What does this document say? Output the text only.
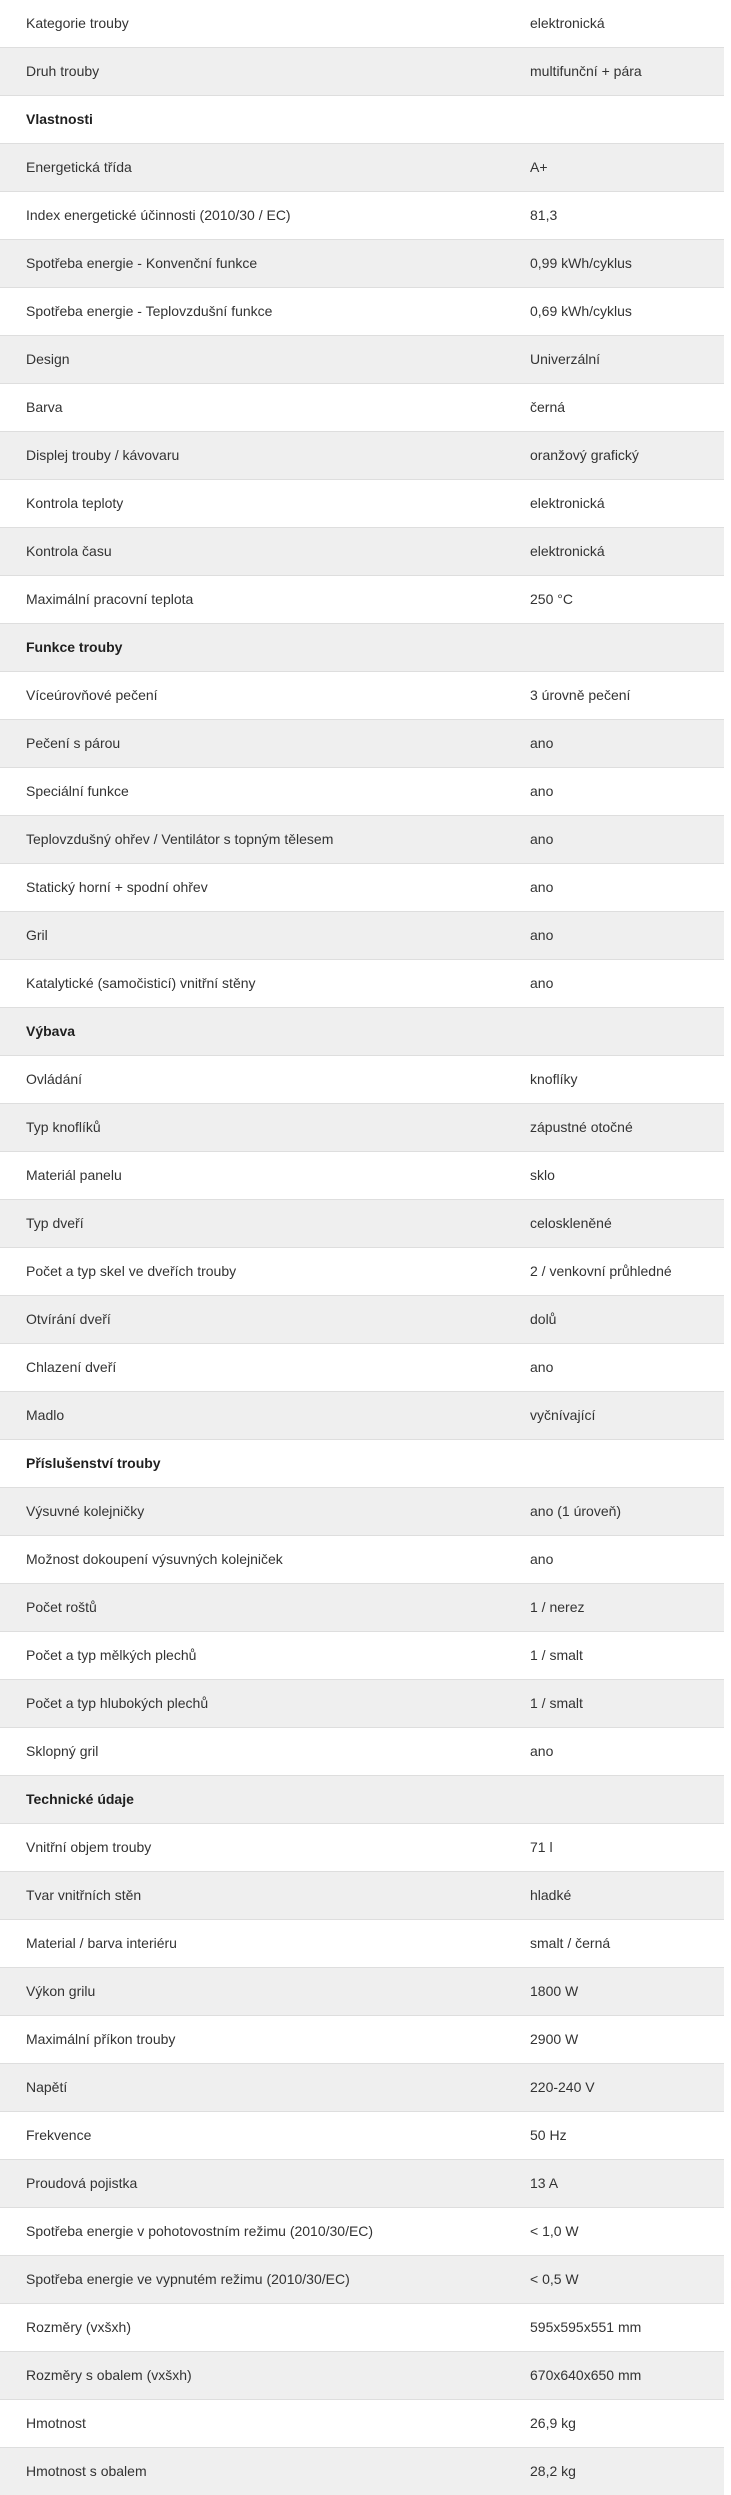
Kategorie trouby	elektronická
Druh trouby	multifunční + pára
Vlastnosti	
Energetická třída	A+
Index energetické účinnosti (2010/30 / EC)	81,3
Spotřeba energie - Konvenční funkce	0,99 kWh/cyklus
Spotřeba energie - Teplovzdušní funkce	0,69 kWh/cyklus
Design	Univerzální
Barva	černá
Displej trouby / kávovaru	oranžový grafický
Kontrola teploty	elektronická
Kontrola času	elektronická
Maximální pracovní teplota	250 °C
Funkce trouby	
Víceúrovňové pečení	3 úrovně pečení
Pečení s párou	ano
Speciální funkce	ano
Teplovzdušný ohřev / Ventilátor s topným tělesem	ano
Statický horní + spodní ohřev	ano
Gril	ano
Katalytické (samočisticí) vnitřní stěny	ano
Výbava	
Ovládání	knoflíky
Typ knoflíků	zápustné otočné
Materiál panelu	sklo
Typ dveří	celoskleněné
Počet a typ skel ve dveřích trouby	2 / venkovní průhledné
Otvírání dveří	dolů
Chlazení dveří	ano
Madlo	vyčnívající
Příslušenství trouby	
Výsuvné kolejničky	ano (1 úroveň)
Možnost dokoupení výsuvných kolejniček	ano
Počet roštů	1 / nerez
Počet a typ mělkých plechů	1 / smalt
Počet a typ hlubokých plechů	1 / smalt
Sklopný gril	ano
Technické údaje	
Vnitřní objem trouby	71 l
Tvar vnitřních stěn	hladké
Material / barva interiéru	smalt / černá
Výkon grilu	1800 W
Maximální příkon trouby	2900 W
Napětí	220-240 V
Frekvence	50 Hz
Proudová pojistka	13 A
Spotřeba energie v pohotovostním režimu (2010/30/EC)	< 1,0 W
Spotřeba energie ve vypnutém režimu (2010/30/EC)	< 0,5 W
Rozměry (vxšxh)	595x595x551 mm
Rozměry s obalem (vxšxh)	670x640x650 mm
Hmotnost	26,9 kg
Hmotnost s obalem	28,2 kg
